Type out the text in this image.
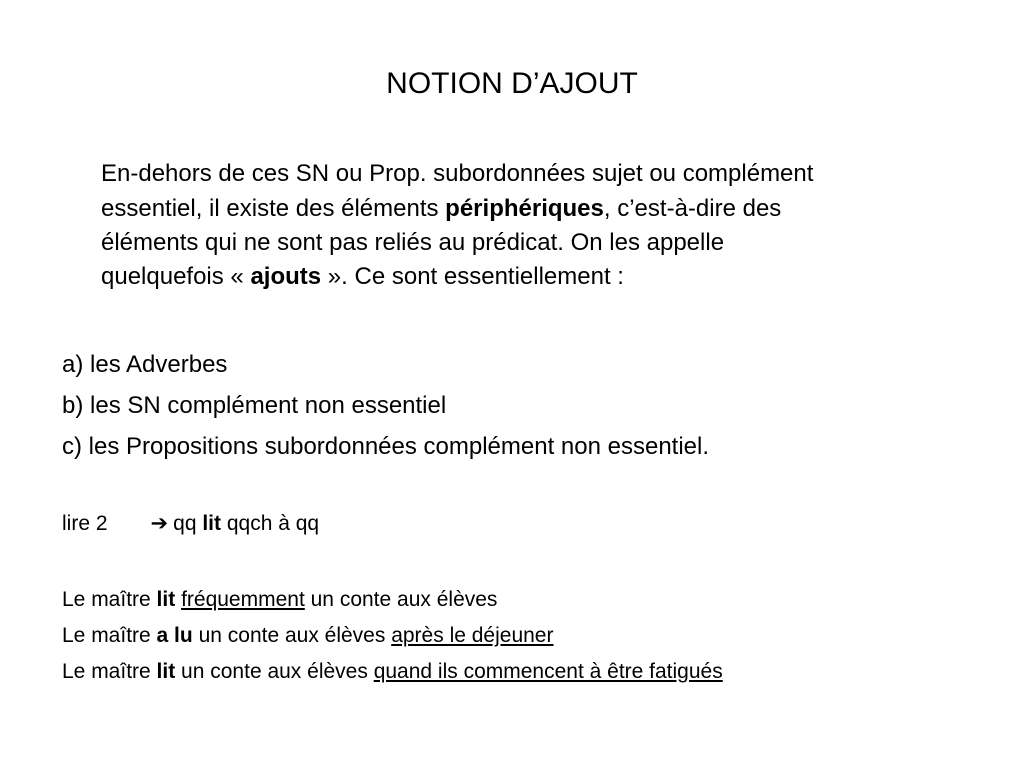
NOTION D’AJOUT
En-dehors de ces SN ou Prop. subordonnées sujet ou complément
essentiel, il existe des éléments périphériques, c’est-à-dire des
éléments qui ne sont pas reliés au prédicat. On les appelle
quelquefois « ajouts ». Ce sont essentiellement :
a) les Adverbes
b) les SN complément non essentiel
c) les Propositions subordonnées complément non essentiel.
lire 2 ➔ qq lit qqch à qq
Le maître lit fréquemment un conte aux élèves
Le maître a lu un conte aux élèves après le déjeuner
Le maître lit un conte aux élèves quand ils commencent à être fatigués
